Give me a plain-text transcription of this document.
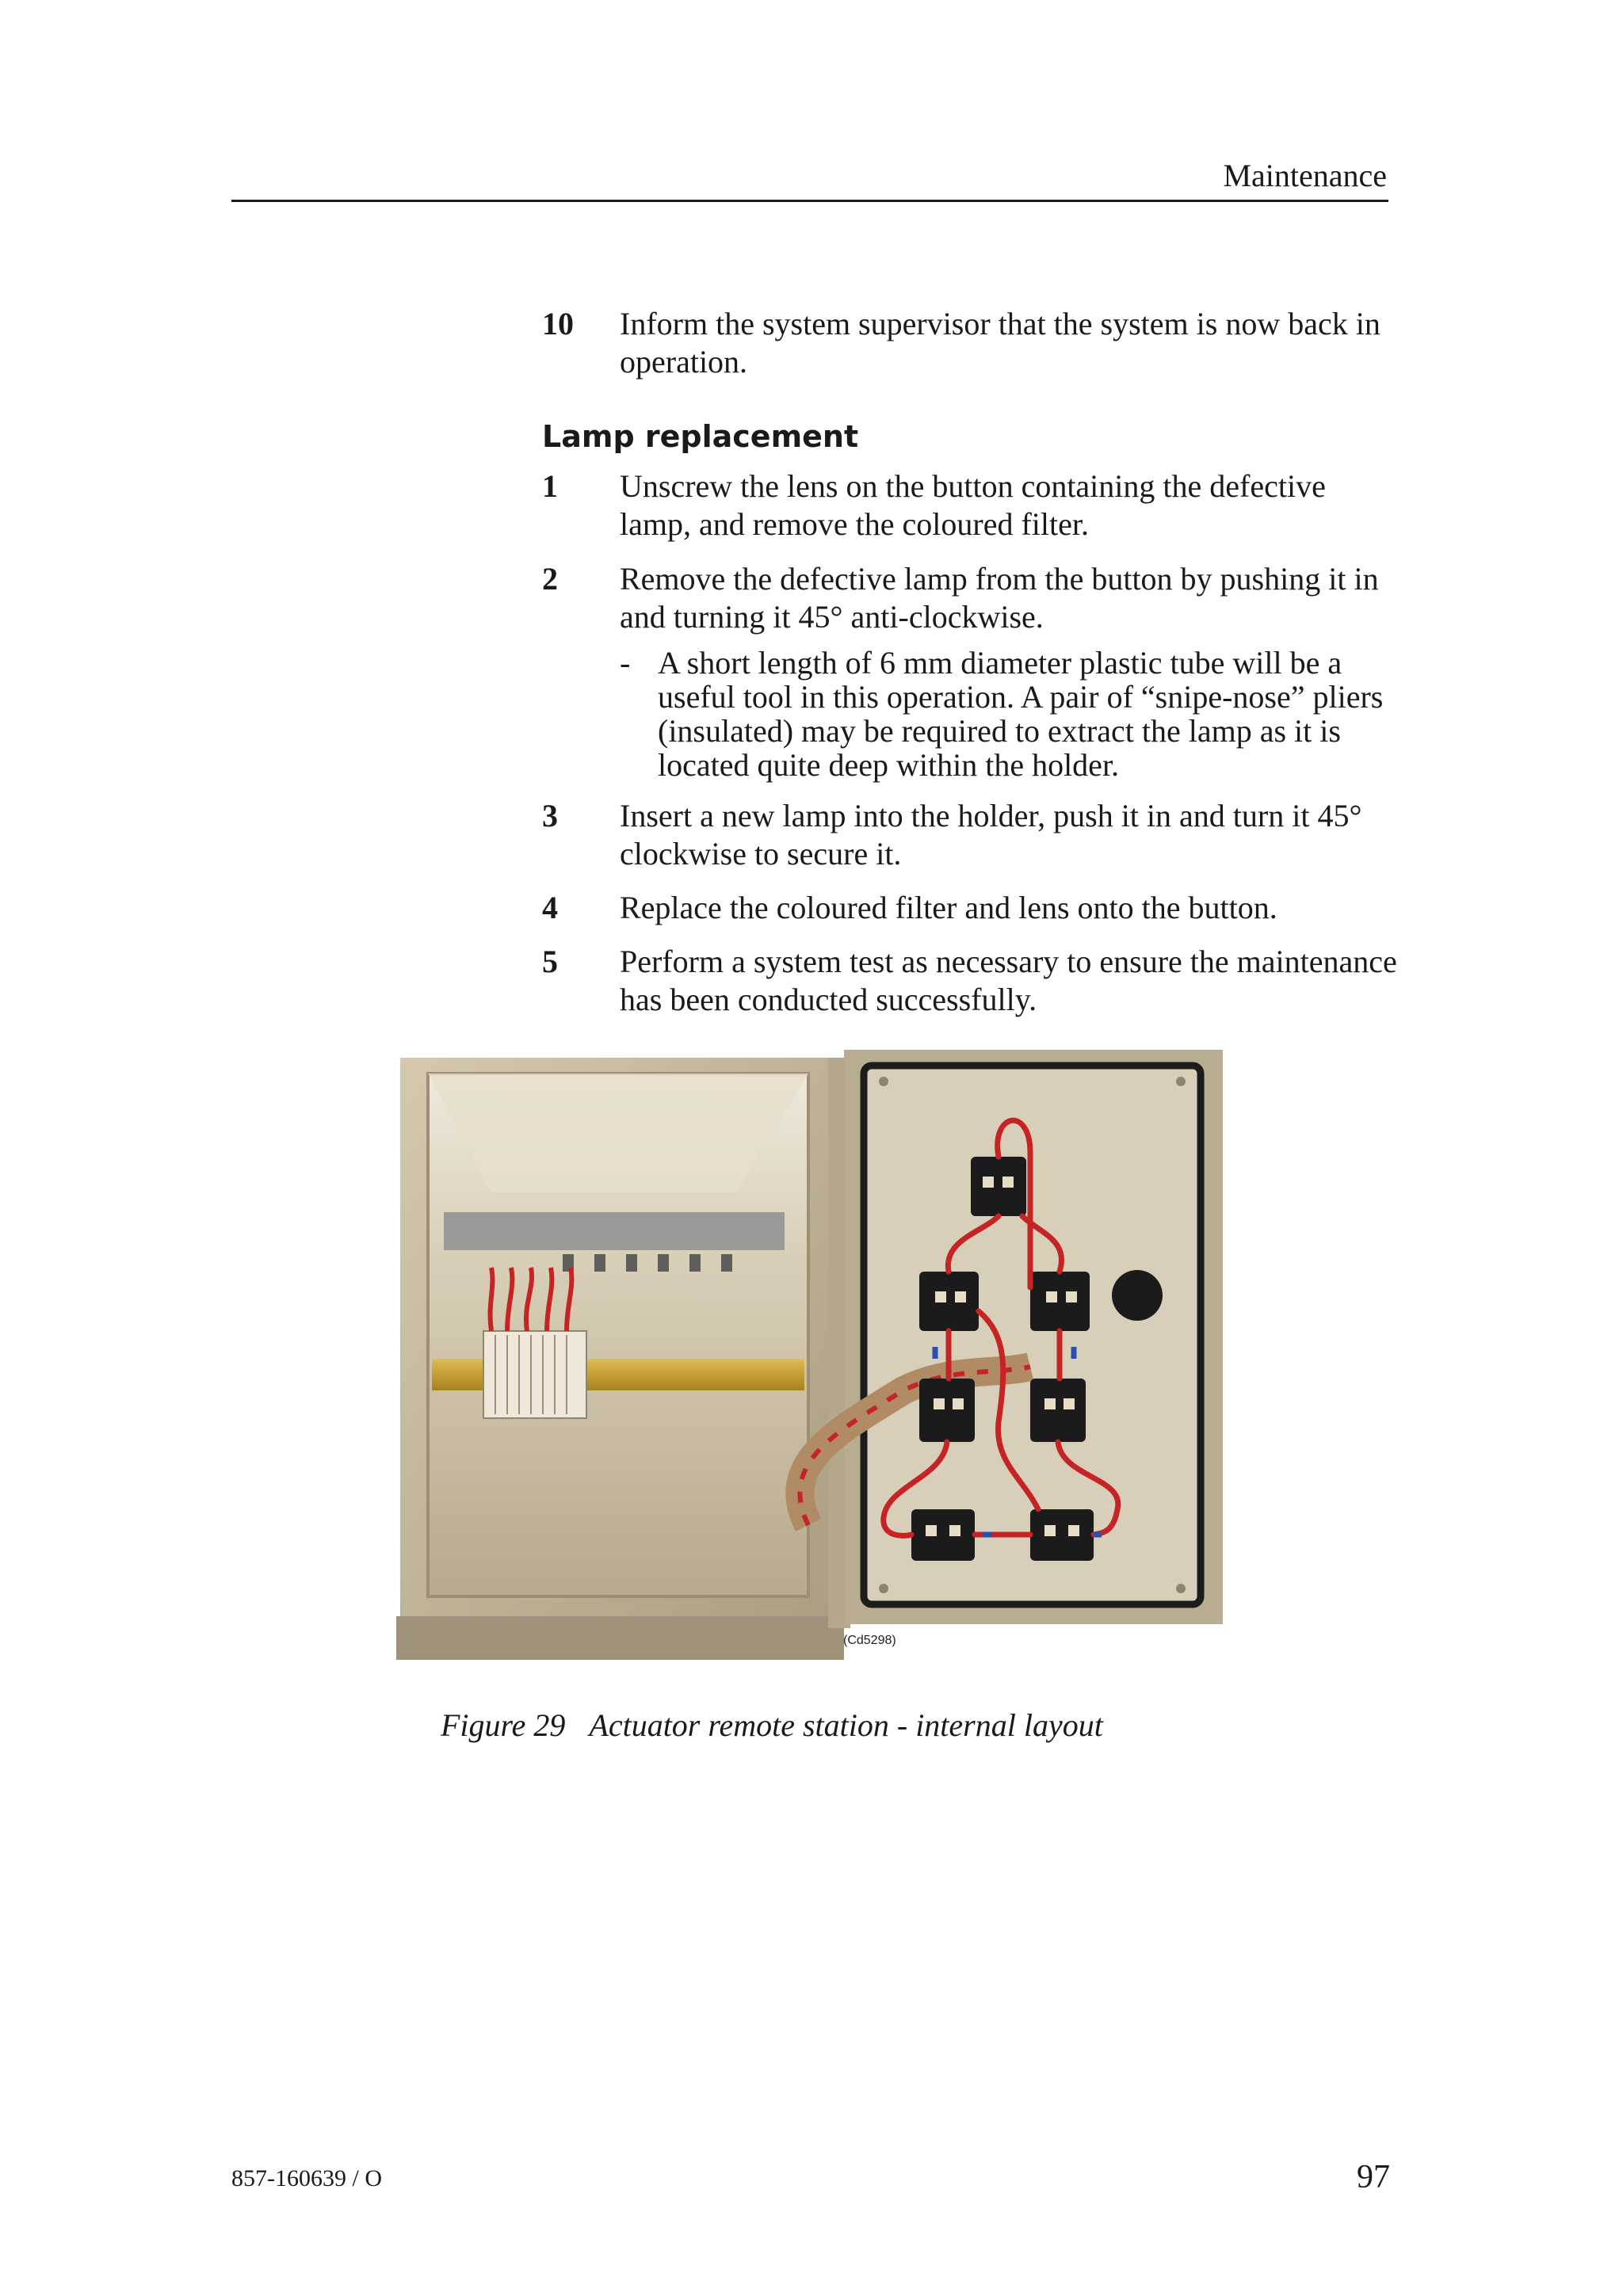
Maintenance
10 Inform the system supervisor that the system is now back in operation.
Lamp replacement
1 Unscrew the lens on the button containing the defective lamp, and remove the coloured filter.
2 Remove the defective lamp from the button by pushing it in and turning it 45° anti-clockwise.
- A short length of 6 mm diameter plastic tube will be a useful tool in this operation. A pair of “snipe-nose” pliers (insulated) may be required to extract the lamp as it is located quite deep within the holder.
3 Insert a new lamp into the holder, push it in and turn it 45° clockwise to secure it.
4 Replace the coloured filter and lens onto the button.
5 Perform a system test as necessary to ensure the maintenance has been conducted successfully.
(Cd5298)
Figure 29 Actuator remote station - internal layout
857-160639 / O	97
